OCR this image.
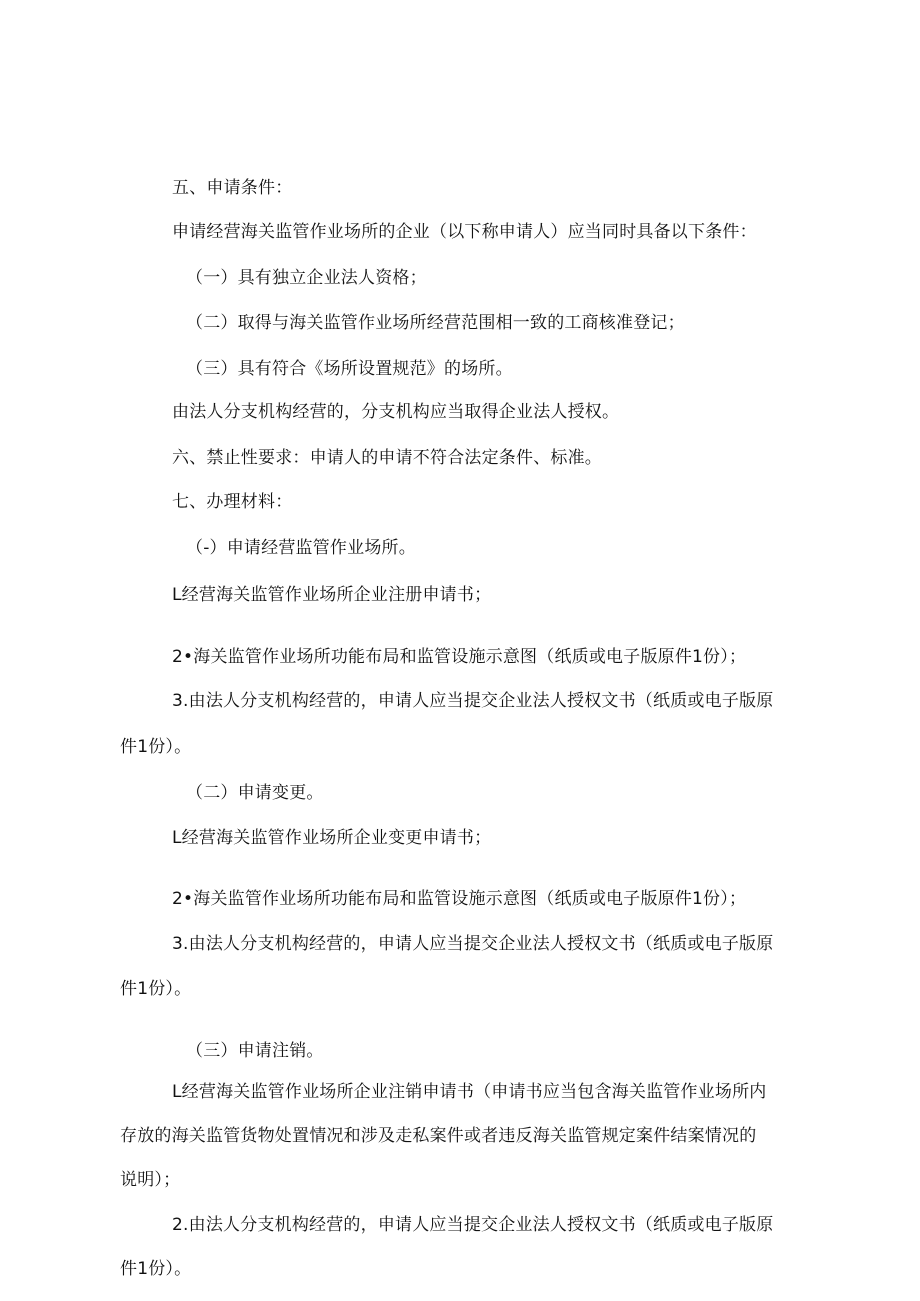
五、申请条件：
申请经营海关监管作业场所的企业（以下称申请人）应当同时具备以下条件：
（一）具有独立企业法人资格；
（二）取得与海关监管作业场所经营范围相一致的工商核准登记；
（三）具有符合《场所设置规范》的场所。
由法人分支机构经营的，分支机构应当取得企业法人授权。
六、禁止性要求：申请人的申请不符合法定条件、标准。
七、办理材料：
（-）申请经营监管作业场所。
L经营海关监管作业场所企业注册申请书；
2•海关监管作业场所功能布局和监管设施示意图（纸质或电子版原件1份）；
3.由法人分支机构经营的，申请人应当提交企业法人授权文书（纸质或电子版原
件1份）。
（二）申请变更。
L经营海关监管作业场所企业变更申请书；
2•海关监管作业场所功能布局和监管设施示意图（纸质或电子版原件1份）；
3.由法人分支机构经营的，申请人应当提交企业法人授权文书（纸质或电子版原
件1份）。
（三）申请注销。
L经营海关监管作业场所企业注销申请书（申请书应当包含海关监管作业场所内
存放的海关监管货物处置情况和涉及走私案件或者违反海关监管规定案件结案情况的
说明）；
2.由法人分支机构经营的，申请人应当提交企业法人授权文书（纸质或电子版原
件1份）。
